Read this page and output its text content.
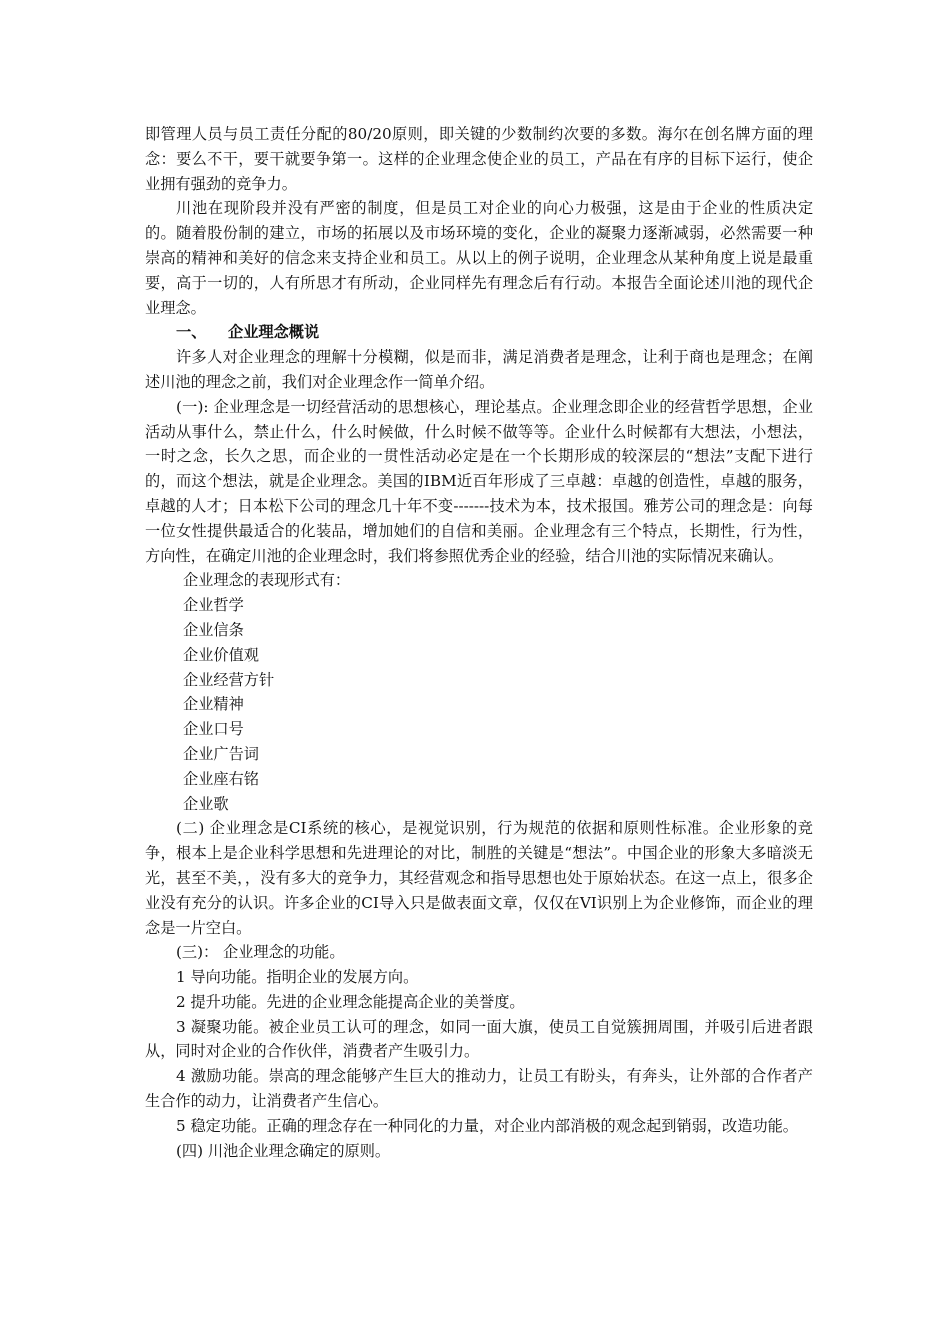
即管理人员与员工责任分配的80/20原则，即关键的少数制约次要的多数。海尔在创名牌方面的理念：要么不干，要干就要争第一。这样的企业理念使企业的员工，产品在有序的目标下运行，使企业拥有强劲的竞争力。

川池在现阶段并没有严密的制度，但是员工对企业的向心力极强，这是由于企业的性质决定的。随着股份制的建立，市场的拓展以及市场环境的变化，企业的凝聚力逐渐减弱，必然需要一种崇高的精神和美好的信念来支持企业和员工。从以上的例子说明，企业理念从某种角度上说是最重要，高于一切的，人有所思才有所动，企业同样先有理念后有行动。本报告全面论述川池的现代企业理念。

一、 企业理念概说

许多人对企业理念的理解十分模糊，似是而非，满足消费者是理念，让利于商也是理念；在阐述川池的理念之前，我们对企业理念作一简单介绍。

(一): 企业理念是一切经营活动的思想核心，理论基点。企业理念即企业的经营哲学思想，企业活动从事什么，禁止什么，什么时候做，什么时候不做等等。企业什么时候都有大想法，小想法，一时之念，长久之思，而企业的一贯性活动必定是在一个长期形成的较深层的“想法”支配下进行的，而这个想法，就是企业理念。美国的IBM近百年形成了三卓越：卓越的创造性，卓越的服务，卓越的人才；日本松下公司的理念几十年不变-------技术为本，技术报国。雅芳公司的理念是：向每一位女性提供最适合的化装品，增加她们的自信和美丽。企业理念有三个特点，长期性，行为性，方向性，在确定川池的企业理念时，我们将参照优秀企业的经验，结合川池的实际情况来确认。

企业理念的表现形式有：

企业哲学
企业信条
企业价值观
企业经营方针
企业精神
企业口号
企业广告词
企业座右铭
企业歌

(二) 企业理念是CI系统的核心，是视觉识别，行为规范的依据和原则性标准。企业形象的竞争，根本上是企业科学思想和先进理论的对比，制胜的关键是“想法”。中国企业的形象大多暗淡无光，甚至不美，，没有多大的竞争力，其经营观念和指导思想也处于原始状态。在这一点上，很多企业没有充分的认识。许多企业的CI导入只是做表面文章，仅仅在VI识别上为企业修饰，而企业的理念是一片空白。

(三)： 企业理念的功能。

1 导向功能。指明企业的发展方向。

2 提升功能。先进的企业理念能提高企业的美誉度。

3 凝聚功能。被企业员工认可的理念，如同一面大旗，使员工自觉簇拥周围，并吸引后进者跟从，同时对企业的合作伙伴，消费者产生吸引力。

4 激励功能。崇高的理念能够产生巨大的推动力，让员工有盼头，有奔头，让外部的合作者产生合作的动力，让消费者产生信心。

5 稳定功能。正确的理念存在一种同化的力量，对企业内部消极的观念起到销弱，改造功能。

(四) 川池企业理念确定的原则。
